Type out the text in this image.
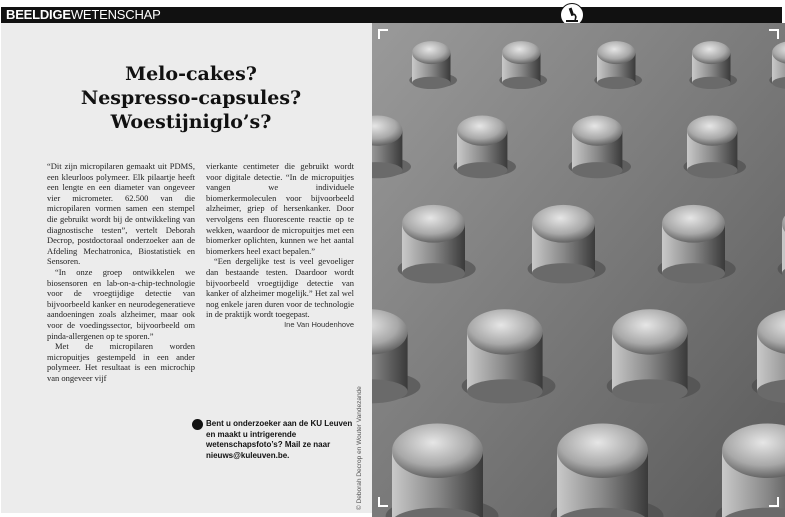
BEELDIGEWETENSCHAP
Melo-cakes?
Nespresso-capsules?
Woestijniglo’s?

“Dit zijn micropilaren gemaakt uit PDMS, een kleurloos polymeer. Elk pilaartje heeft een lengte en een diameter van ongeveer vier micrometer. 62.500 van die micropilaren vormen samen een stempel die gebruikt wordt bij de ontwikkeling van diagnostische testen”, vertelt Deborah Decrop, postdoctoraal onderzoeker aan de Afdeling Mechatronica, Biostatistiek en Sensoren.

“In onze groep ontwikkelen we biosensoren en lab-on-a-chip-technologie voor de vroegtijdige detectie van bijvoorbeeld kanker en neurodegeneratieve aandoeningen zoals alzheimer, maar ook voor de voedingssector, bijvoorbeeld om pinda-allergenen op te sporen.”

Met de micropilaren worden micropuitjes gestempeld in een ander polymeer. Het resultaat is een microchip van ongeveer vijf

vierkante centimeter die gebruikt wordt voor digitale detectie. “In de micropuitjes vangen we individuele biomerkermoleculen voor bijvoorbeeld alzheimer, griep of hersenkanker. Door vervolgens een fluorescente reactie op te wekken, waardoor de micropuitjes met een biomerker oplichten, kunnen we het aantal biomerkers heel exact bepalen.”

“Een dergelijke test is veel gevoeliger dan bestaande testen. Daardoor wordt bijvoorbeeld vroegtijdige detectie van kanker of alzheimer mogelijk.” Het zal wel nog enkele jaren duren voor de technologie in de praktijk wordt toegepast.
Ine Van Houdenhove

Bent u onderzoeker aan de KU Leuven en maakt u intrigerende wetenschapsfoto’s? Mail ze naar nieuws@kuleuven.be.	© Deborah Decrop en Wouter Vandezande
